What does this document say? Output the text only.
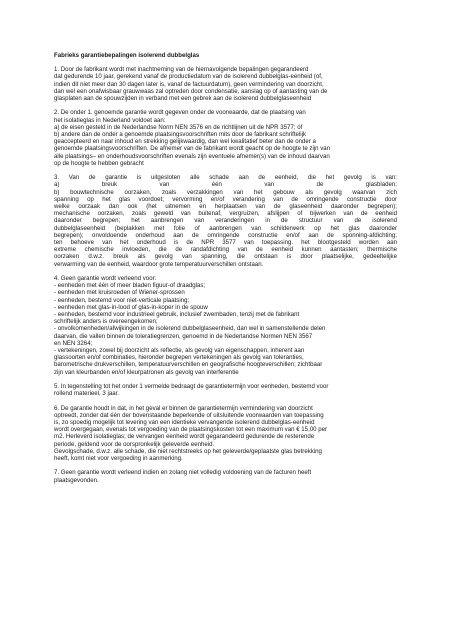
Fabrieks garantiebepalingen isolerend dubbelglas
1. Door de fabrikant wordt met inachtneming van de hiernavolgende bepalingen gegarandeerd
dat gedurende 10 jaar, gerekend vanaf de productiedatum van de isolerend dubbelglas-eenheid (of,
indien dit niet meer dan 30 dagen later is, vanaf de factuurdatum), geen vermindering van doorzicht,
dan wel een onafwisbaar grauwwaas zal optreden door condensatie, aanslag op of aantasting van de
glasplaten aan de spouwzijden in verband met een gebrek aan de isolerend dubbelglaseenheid
2. De onder 1. genoemde garantie wordt gegeven onder de voorwaarde, dat de plaatsing van
het isolatieglas in Nederland voldoet aan:
a) de eisen gesteld in de Nederlandse Norm NEN 3576 en de richtlijnen uit de NPR 3577; óf
b) andere dan de onder a genoemde plaatsingsvoorschriften mits door de fabrikant schriftelijk
geaccepteerd en naar inhoud en strekking gelijkwaardig, dan wel kwalitatief beter dan de onder a
genoemde plaatsingsvoorschriften. De afnemer van de fabrikant wordt geacht op de hoogte te zijn van
alle plaatsings– en onderhoudsvoorschriften evenals zijn eventuele afnemer(s) van de inhoud daarvan
op de hoogte te hebben gebracht
3. Van de garantie is uitgesloten alle schade aan de eenheid, die het gevolg is van:
a) breuk van één van de glasbladen;
b) bouwtechnische oorzaken, zoals verzakkingen van het gebouw als gevolg waarvan zich
spanning op het glas voordoet; vervorming en/of verandering van de omringende constructie door
welke oorzaak dan ook (het uitnemen en herplaatsen van de glaseenheid daaronder begrepen);
mechanische oorzaken, zoals geweld van buitenaf, vergruizen, afslijpen of bijwerken van de eenheid
daaronder begrepen; het aanbrengen van veranderingen in de structuur van de isolerend
dubbelglaseenheid (beplakken met folie of aanbrengen van schilderwerk op het glas daaronder
begrepen); onvoldoende onderhoud aan de omringende constructie en/of aan de sponning-afdichting;
ten behoeve van het onderhoud is de NPR 3577 van toepassing. het blootgesteld worden aan
extreme chemische invloeden, die de randafdichting van de eenheid kunnen aantasten; thermische
oorzaken d.w.z. breuk als gevolg van spanning, die ontstaan is door plaatselijke, gedeeltelijke
verwarming van de eenheid, waardoor grote temperatuurverschillen ontstaan.
4. Geen garantie wordt verleend voor:
- eenheden met één of meer bladen figuur-of draadglas;
- eenheden met kruisroeden of Wiener-sprossen
- eenheden, bestemd voor niet-verticale plaatsing;
- eenheden met glas-in-lood of glas-in-koper in de spouw
- eenheden, bestemd voor industrieel gebruik, inclusief zwembaden, tenzij met de fabrikant
schriftelijk anders is overeengekomen;
- onvolkomenheden/afwijkingen in de isolerend dubbelglaseenheid, dan wel in samenstellende delen
daarvan, die vallen binnen de toleratiegrenzen, genoemd in de Nederlandse Normen NEN 3567
en NEN 3264;
- vertekeningen, zowel bij doorzicht als reflectie, als gevolg van eigenschappen, inherent aan
glassoorten en/of combinaties, hieronder begrepen vertekeningen als gevolg van toleranties,
barometrische drukverschillen, temperatuurverschillen en geografische hoogteverschillen; zichtbaar
zijn van kleurbanden en/of kleurpatronen als gevolg van interferentie
5. In tegenstelling tot het onder 1 vermelde bedraagt de garantietermijn voor eenheden, bestemd voor
rollend materieel, 3 jaar.
6. De garantie houdt in dat, in het geval er binnen de garantietermijn vermindering van doorzicht
optreedt, zonder dat één der bovenstaande beperkende of uitsluitende voorwaarden van toepassing
is, zo spoedig mogelijk tot levering van een identieke vervangende isolerend dubbelglas-eenheid
wordt overgegaan, evenals tot vergoeding van de plaatsingskosten tot een maximum van € 15,00 per
m2. Herleverd isolatieglas; de vervangen eenheid wordt gegarandeerd gedurende de resterende
periode, geldend voor de oorspronkelijk geleverde eenheid.
Gevolgschade, d.w.z. alle schade, die niet rechtstreeks op het geleverde/geplaatste glas betrekking
heeft, komt niet voor vergoeding in aanmerking.
7. Geen garantie wordt verleend indien en zolang niet volledig voldoening van de facturen heeft
plaatsgevonden.
